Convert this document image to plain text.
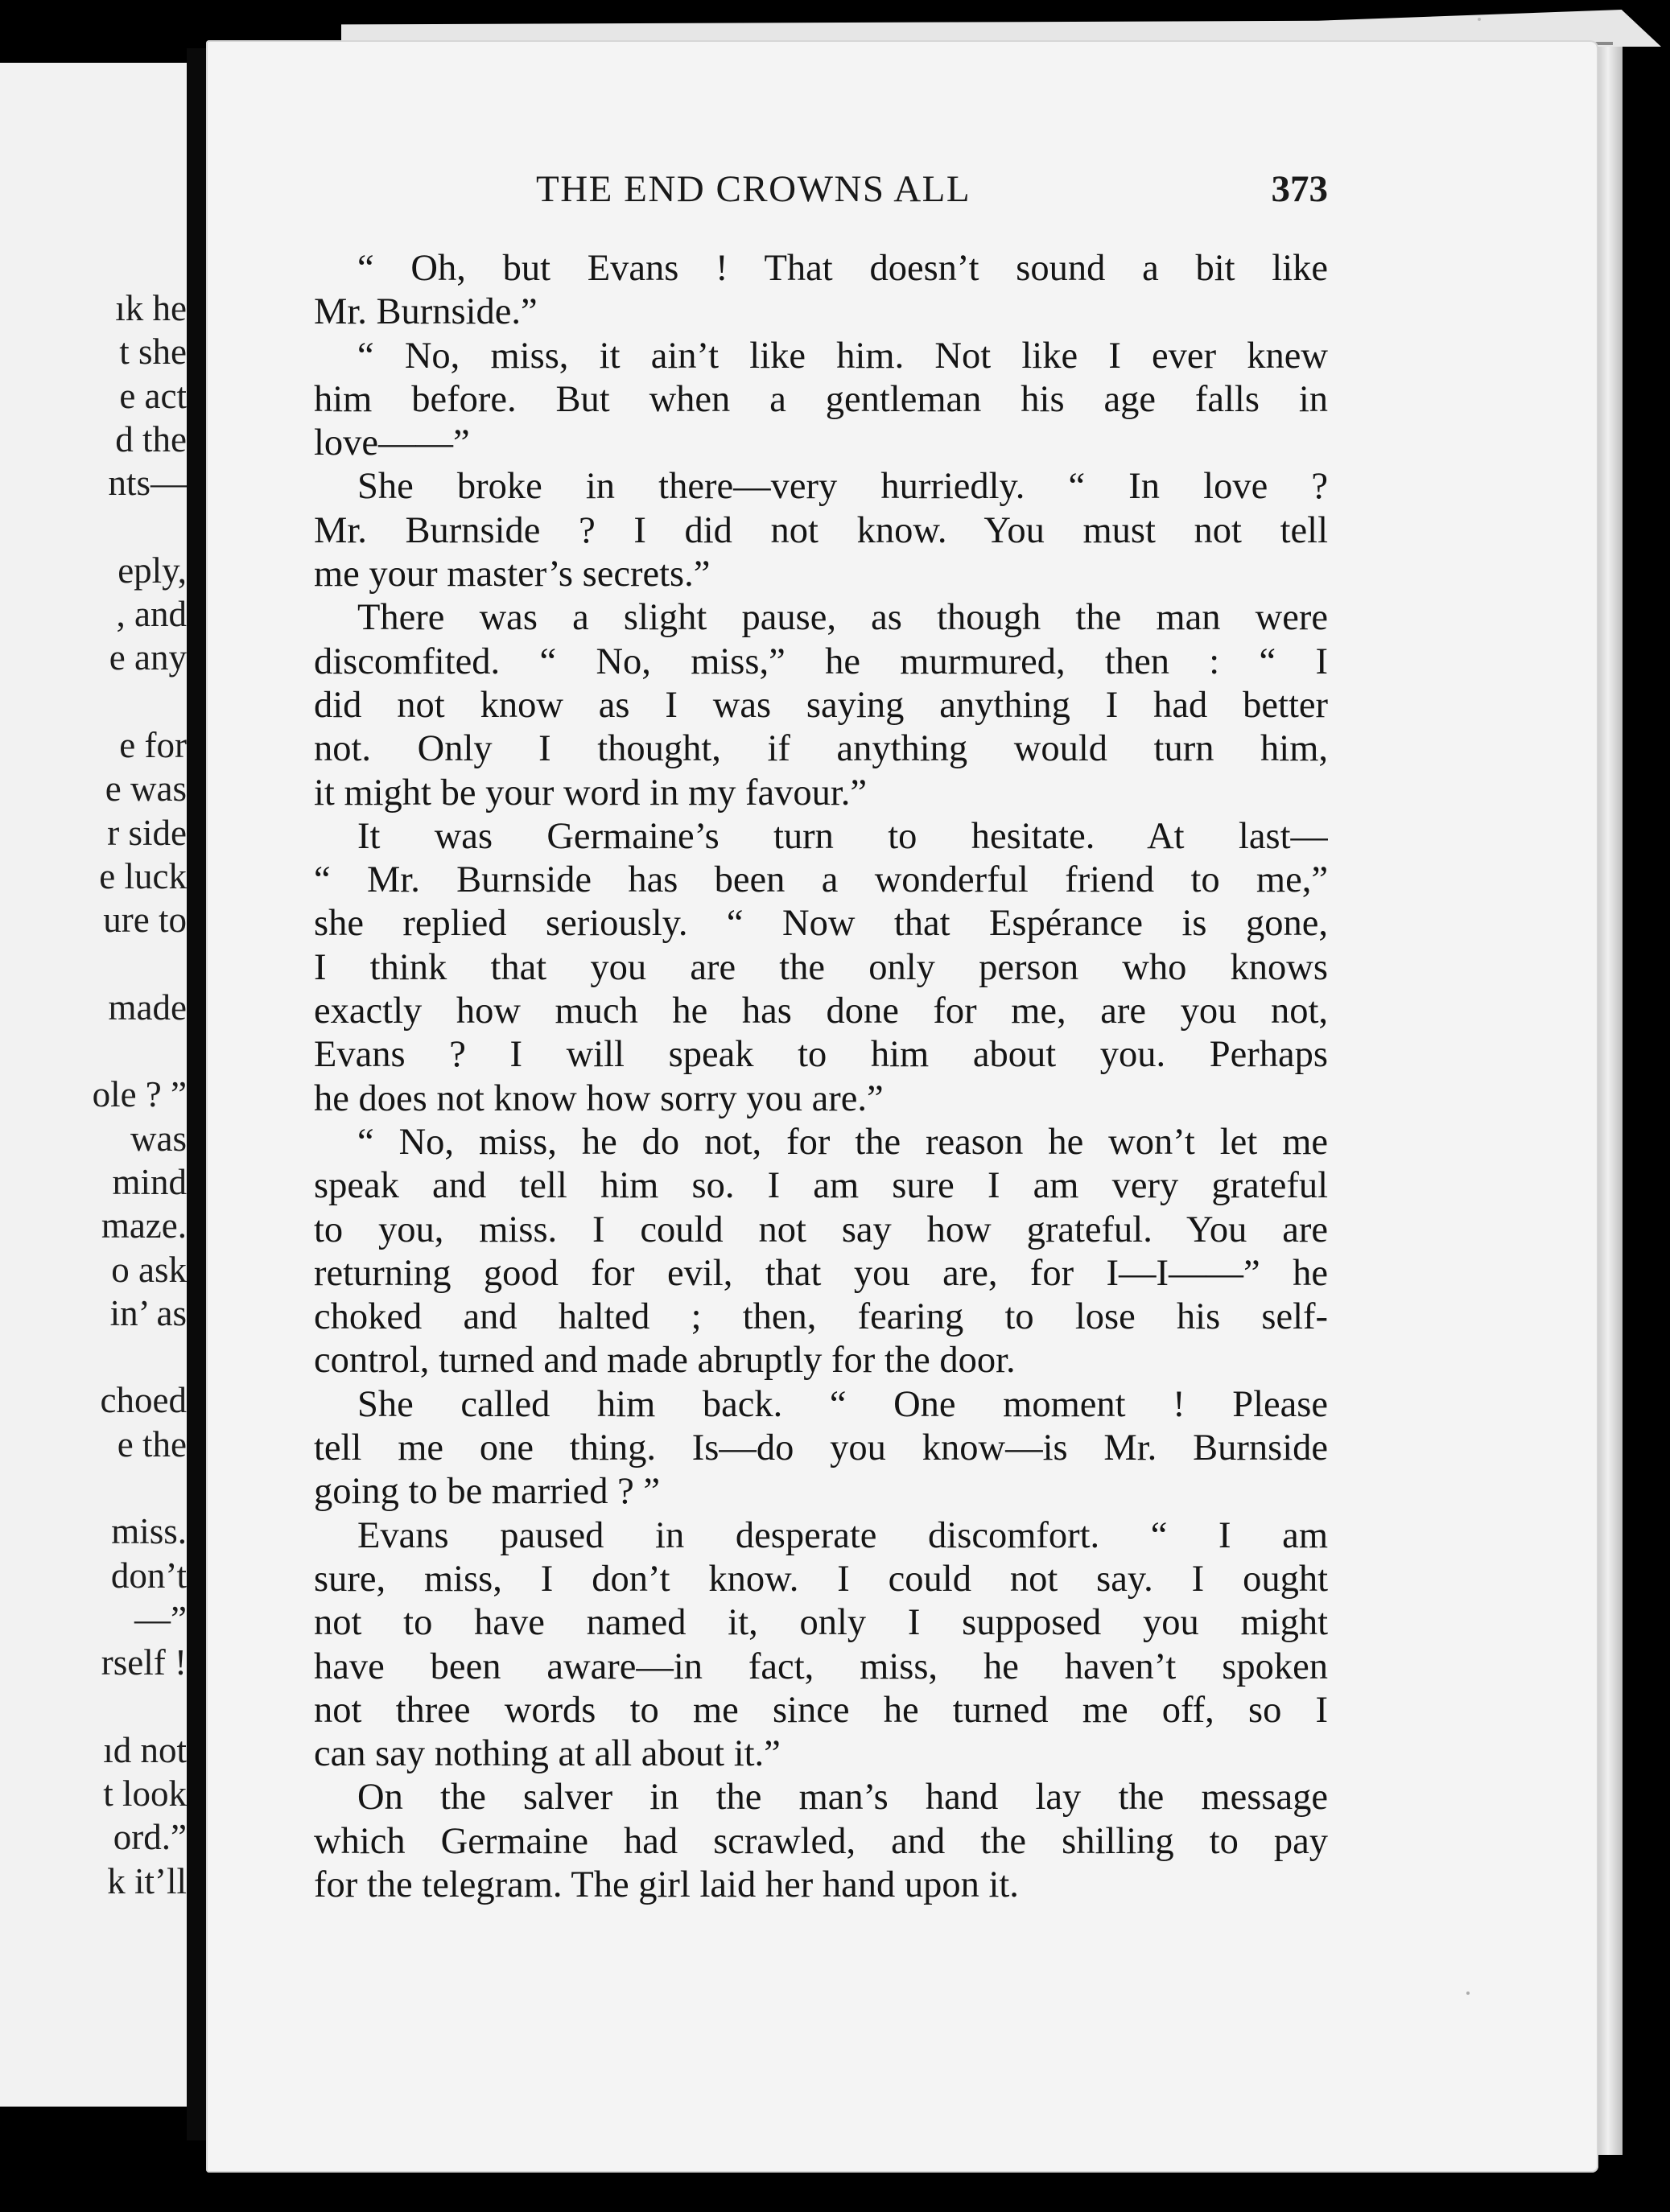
ık he
t she
e act
d the
nts—

eply,
, and
e any

e for
e was
r side
e luck
ure to

made

ole ? ”
was
mind
maze.
o ask
in’ as

choed
e the

miss.
don’t
—”
rself !

ıd not
t look
ord.”
k it’ll
THE END CROWNS ALL	373
“ Oh, but Evans ! That doesn’t sound a bit like
Mr. Burnside.”
“ No, miss, it ain’t like him. Not like I ever knew
him before. But when a gentleman his age falls in
love——”
She broke in there—very hurriedly. “ In love ?
Mr. Burnside ? I did not know. You must not tell
me your master’s secrets.”
There was a slight pause, as though the man were
discomfited. “ No, miss,” he murmured, then : “ I
did not know as I was saying anything I had better
not. Only I thought, if anything would turn him,
it might be your word in my favour.”
It was Germaine’s turn to hesitate. At last—
“ Mr. Burnside has been a wonderful friend to me,”
she replied seriously. “ Now that Espérance is gone,
I think that you are the only person who knows
exactly how much he has done for me, are you not,
Evans ? I will speak to him about you. Perhaps
he does not know how sorry you are.”
“ No, miss, he do not, for the reason he won’t let me
speak and tell him so. I am sure I am very grateful
to you, miss. I could not say how grateful. You are
returning good for evil, that you are, for I—I——” he
choked and halted ; then, fearing to lose his self-
control, turned and made abruptly for the door.
She called him back. “ One moment ! Please
tell me one thing. Is—do you know—is Mr. Burnside
going to be married ? ”
Evans paused in desperate discomfort. “ I am
sure, miss, I don’t know. I could not say. I ought
not to have named it, only I supposed you might
have been aware—in fact, miss, he haven’t spoken
not three words to me since he turned me off, so I
can say nothing at all about it.”
On the salver in the man’s hand lay the message
which Germaine had scrawled, and the shilling to pay
for the telegram. The girl laid her hand upon it.
